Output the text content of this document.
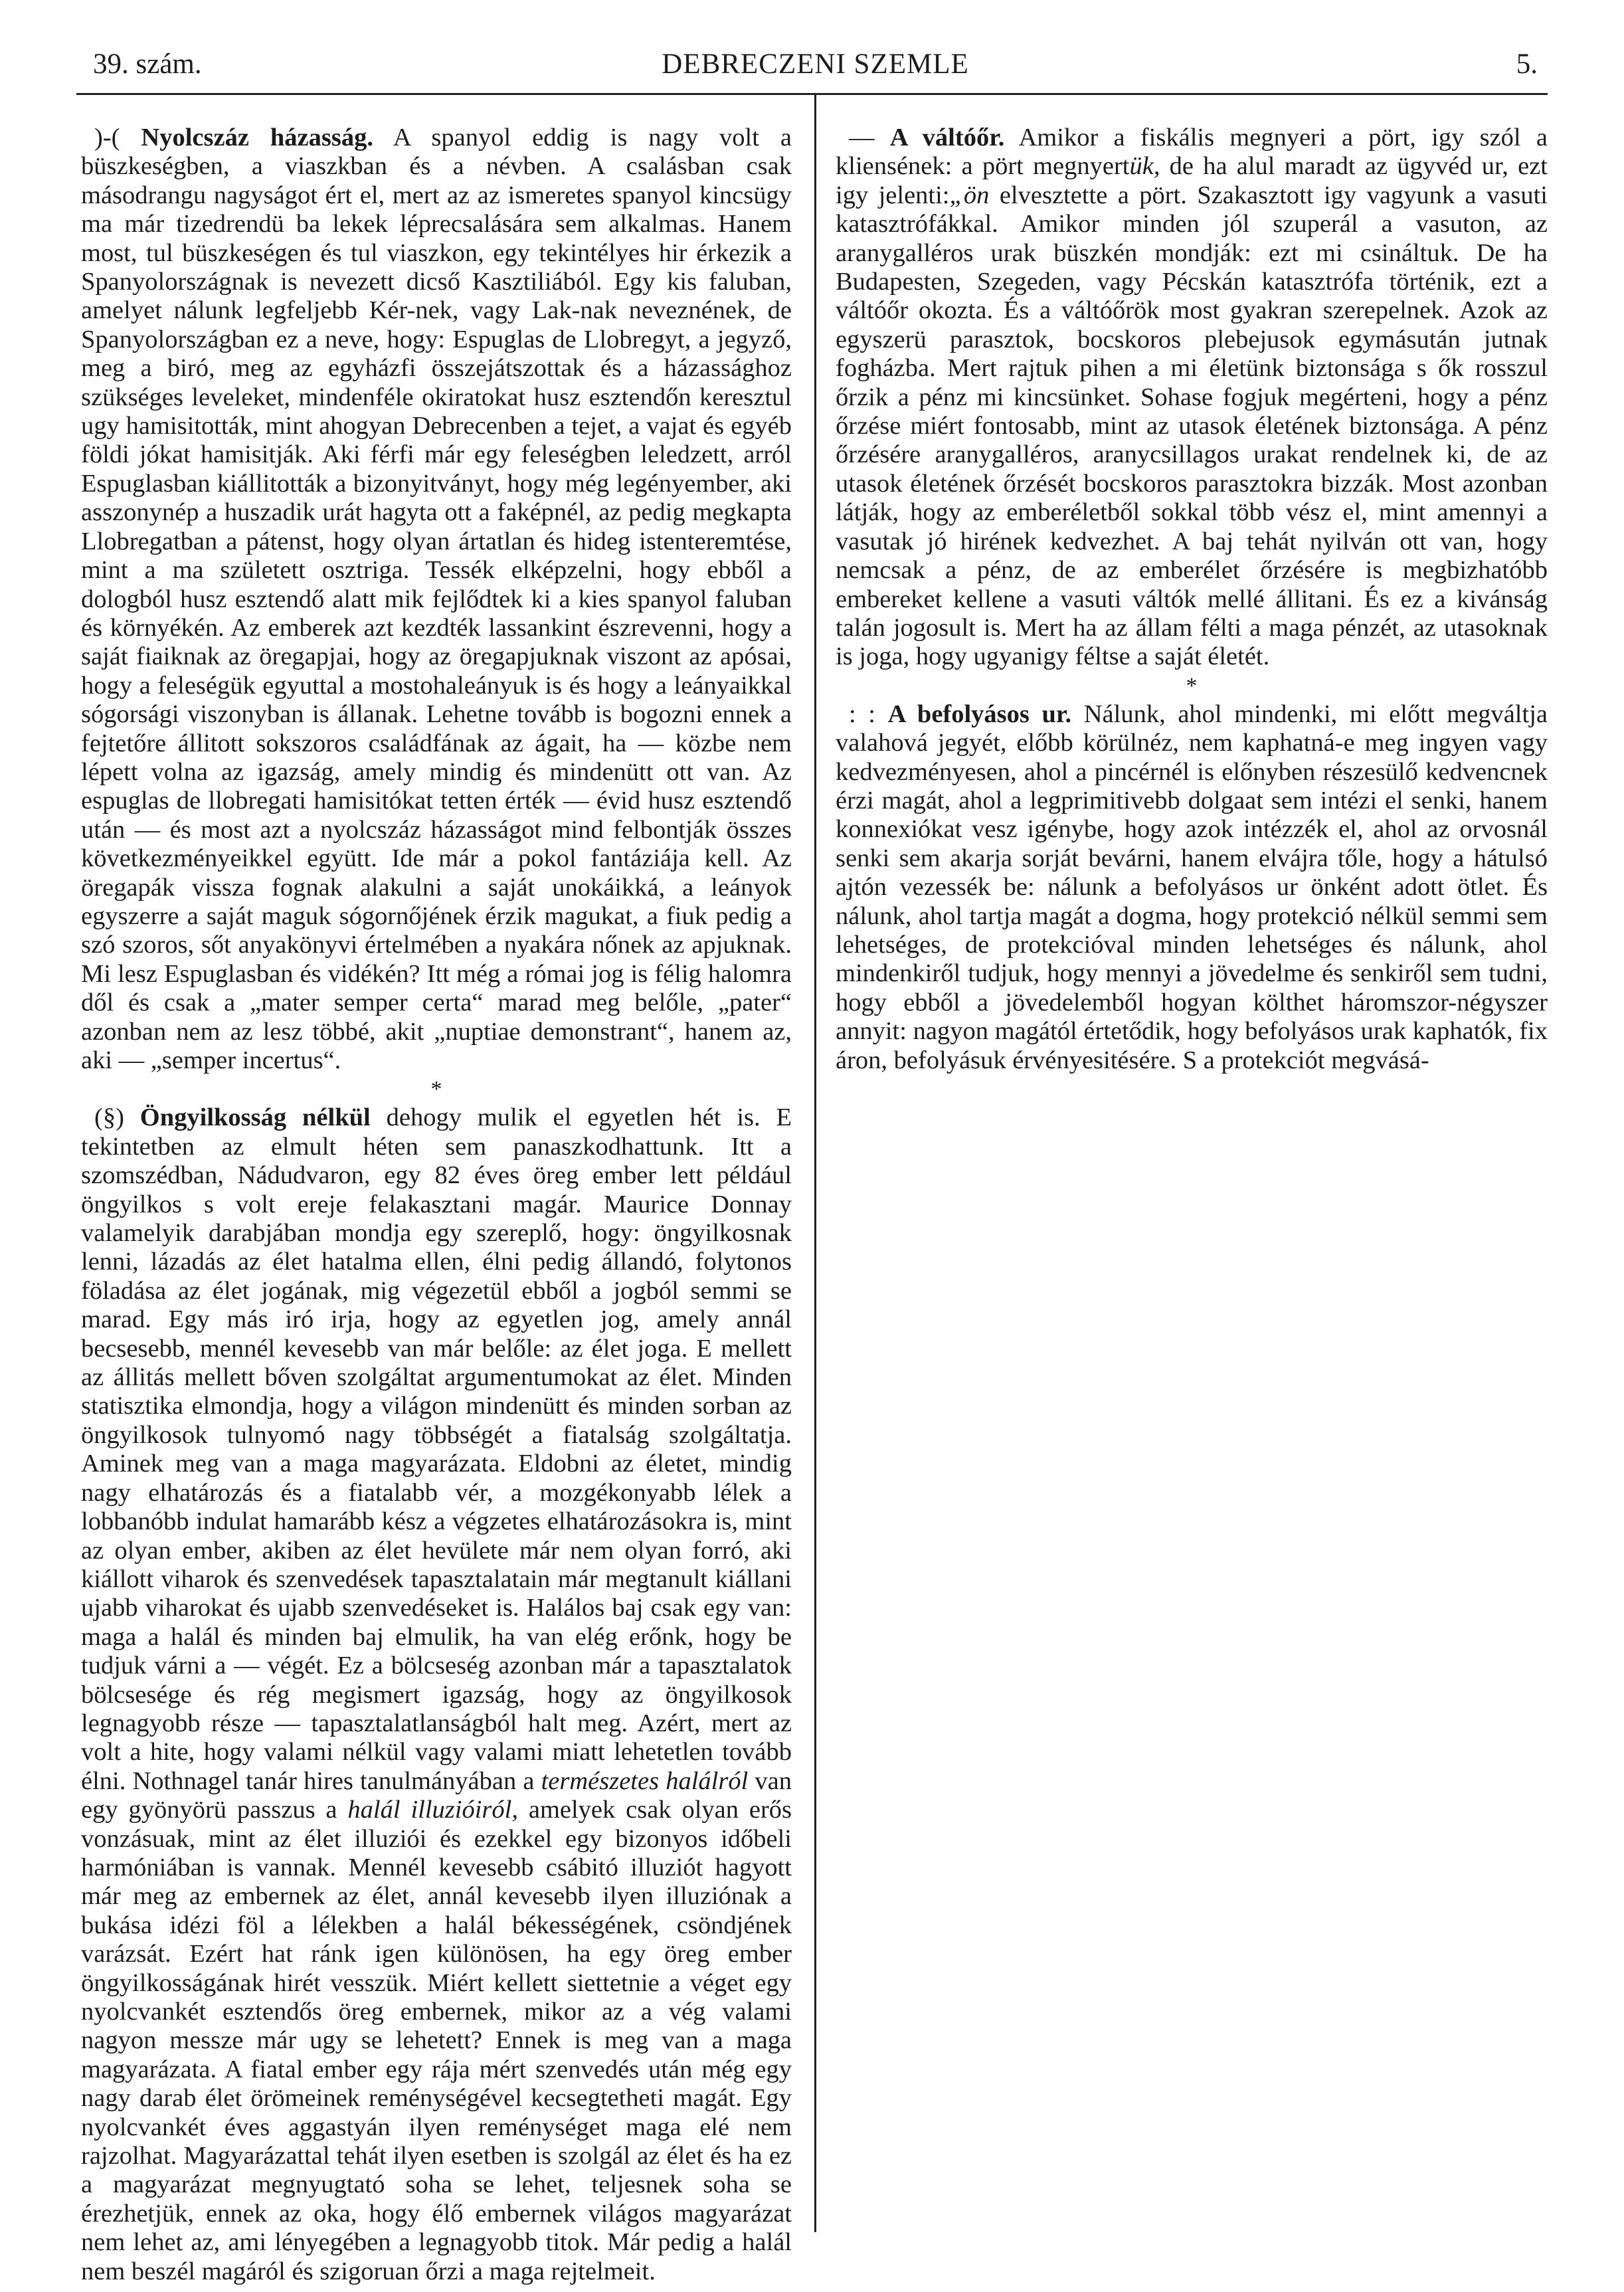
39. szám.	DEBRECZENI SZEMLE	5.

)-( Nyolcszáz házasság. A spanyol eddig is nagy volt a büszkeségben, a viaszkban és a névben. A csalásban csak másodrangu nagyságot ért el, mert az az ismeretes spanyol kincsügy ma már tizedrendü ba lekek léprecsalására sem alkalmas. Hanem most, tul büszkeségen és tul viaszkon, egy tekintélyes hir érkezik a Spanyolországnak is nevezett dicső Kasztiliából. Egy kis faluban, amelyet nálunk legfeljebb Kér-nek, vagy Lak-nak neveznének, de Spanyolországban ez a neve, hogy: Espuglas de Llobregyt, a jegyző, meg a biró, meg az egyházfi összejátszottak és a házassághoz szükséges leveleket, mindenféle okiratokat husz esztendőn keresztul ugy hamisitották, mint ahogyan Debrecenben a tejet, a vajat és egyéb földi jókat hamisitják. Aki férfi már egy feleségben leledzett, arról Espuglasban kiállitották a bizonyitványt, hogy még legényember, aki asszonynép a huszadik urát hagyta ott a faképnél, az pedig megkapta Llobregatban a pátenst, hogy olyan ártatlan és hideg istenteremtése, mint a ma született osztriga. Tessék elképzelni, hogy ebből a dologból husz esztendő alatt mik fejlődtek ki a kies spanyol faluban és környékén. Az emberek azt kezdték lassankint észrevenni, hogy a saját fiaiknak az öregapjai, hogy az öregapjuknak viszont az apósai, hogy a feleségük egyuttal a mostohaleányuk is és hogy a leányaikkal sógorsági viszonyban is állanak. Lehetne tovább is bogozni ennek a fejtetőre állitott sokszoros családfának az ágait, ha — közbe nem lépett volna az igazság, amely mindig és mindenütt ott van. Az espuglas de llobregati hamisitókat tetten érték — évid husz esztendő után — és most azt a nyolcszáz házasságot mind felbontják összes következményeikkel együtt. Ide már a pokol fantáziája kell. Az öregapák vissza fognak alakulni a saját unokáikká, a leányok egyszerre a saját maguk sógornőjének érzik magukat, a fiuk pedig a szó szoros, sőt anyakönyvi értelmében a nyakára nőnek az apjuknak. Mi lesz Espuglasban és vidékén? Itt még a római jog is félig halomra dől és csak a „mater semper certa“ marad meg belőle, „pater“ azonban nem az lesz többé, akit „nuptiae demonstrant“, hanem az, aki — „semper incertus“.

*

(§) Öngyilkosság nélkül dehogy mulik el egyetlen hét is. E tekintetben az elmult héten sem panaszkodhattunk. Itt a szomszédban, Nádudvaron, egy 82 éves öreg ember lett például öngyilkos s volt ereje felakasztani magár. Maurice Donnay valamelyik darabjában mondja egy szereplő, hogy: öngyilkosnak lenni, lázadás az élet hatalma ellen, élni pedig állandó, folytonos föladása az élet jogának, mig végezetül ebből a jogból semmi se marad. Egy más iró irja, hogy az egyetlen jog, amely annál becsesebb, mennél kevesebb van már belőle: az élet joga. E mellett az állitás mellett bőven szolgáltat argumentumokat az élet. Minden statisztika elmondja, hogy a világon mindenütt és minden sorban az öngyilkosok tulnyomó nagy többségét a fiatalság szolgáltatja. Aminek meg van a maga magyarázata. Eldobni az életet, mindig nagy elhatározás és a fiatalabb vér, a mozgékonyabb lélek a lobbanóbb indulat hamarább kész a végzetes elhatározásokra is, mint az olyan ember, akiben az élet hevülete már nem olyan forró, aki kiállott viharok és szenvedések tapasztalatain már megtanult kiállani ujabb viharokat és ujabb szenvedéseket is. Halálos baj csak egy van: maga a halál és minden baj elmulik, ha van elég erőnk, hogy be tudjuk várni a — végét. Ez a bölcseség azonban már a tapasztalatok bölcsesége és rég megismert igazság, hogy az öngyilkosok legnagyobb része — tapasztalatlanságból halt meg. Azért, mert az volt a hite, hogy valami nélkül vagy valami miatt lehetetlen tovább élni. Nothnagel tanár hires tanulmányában a természetes halálról van egy gyönyörü passzus a halál illuzióiról, amelyek csak olyan erős vonzásuak, mint az élet illuziói és ezekkel egy bizonyos időbeli harmóniában is vannak. Mennél kevesebb csábitó illuziót hagyott már meg az embernek az élet, annál kevesebb ilyen illuziónak a bukása idézi föl a lélekben a halál békességének, csöndjének varázsát. Ezért hat ránk igen különösen, ha egy öreg ember öngyilkosságának hirét vesszük. Miért kellett siettetnie a véget egy nyolcvankét esztendős öreg embernek, mikor az a vég valami nagyon messze már ugy se lehetett? Ennek is meg van a maga magyarázata. A fiatal ember egy rája mért szenvedés után még egy nagy darab élet örömeinek reménységével kecsegtetheti magát. Egy nyolcvankét éves aggastyán ilyen reménységet maga elé nem rajzolhat. Magyarázattal tehát ilyen esetben is szolgál az élet és ha ez a magyarázat megnyugtató soha se lehet, teljesnek soha se érezhetjük, ennek az oka, hogy élő embernek világos magyarázat nem lehet az, ami lényegében a legnagyobb titok. Már pedig a halál nem beszél magáról és szigoruan őrzi a maga rejtelmeit.

— A váltóőr. Amikor a fiskális megnyeri a pört, igy szól a kliensének: a pört megnyertük, de ha alul maradt az ügyvéd ur, ezt igy jelenti:„ön elvesztette a pört. Szakasztott igy vagyunk a vasuti katasztrófákkal. Amikor minden jól szuperál a vasuton, az aranygalléros urak büszkén mondják: ezt mi csináltuk. De ha Budapesten, Szegeden, vagy Pécskán katasztrófa történik, ezt a váltóőr okozta. És a váltóőrök most gyakran szerepelnek. Azok az egyszerü parasztok, bocskoros plebejusok egymásután jutnak fogházba. Mert rajtuk pihen a mi életünk biztonsága s ők rosszul őrzik a pénz mi kincsünket. Sohase fogjuk megérteni, hogy a pénz őrzése miért fontosabb, mint az utasok életének biztonsága. A pénz őrzésére aranygalléros, aranycsillagos urakat rendelnek ki, de az utasok életének őrzését bocskoros parasztokra bizzák. Most azonban látják, hogy az emberéletből sokkal több vész el, mint amennyi a vasutak jó hirének kedvezhet. A baj tehát nyilván ott van, hogy nemcsak a pénz, de az emberélet őrzésére is megbizhatóbb embereket kellene a vasuti váltók mellé állitani. És ez a kivánság talán jogosult is. Mert ha az állam félti a maga pénzét, az utasoknak is joga, hogy ugyanigy féltse a saját életét.

*

: : A befolyásos ur. Nálunk, ahol mindenki, mi előtt megváltja valahová jegyét, előbb körülnéz, nem kaphatná-e meg ingyen vagy kedvezményesen, ahol a pincérnél is előnyben részesülő kedvencnek érzi magát, ahol a legprimitivebb dolgaat sem intézi el senki, hanem konnexiókat vesz igénybe, hogy azok intézzék el, ahol az orvosnál senki sem akarja sorját bevárni, hanem elvájra tőle, hogy a hátulsó ajtón vezessék be: nálunk a befolyásos ur önként adott ötlet. És nálunk, ahol tartja magát a dogma, hogy protekció nélkül semmi sem lehetséges, de protekcióval minden lehetséges és nálunk, ahol mindenkiről tudjuk, hogy mennyi a jövedelme és senkiről sem tudni, hogy ebből a jövedelemből hogyan költhet háromszor-négyszer annyit: nagyon magától értetődik, hogy befolyásos urak kaphatók, fix áron, befolyásuk érvényesitésére. S a protekciót megvásá-
